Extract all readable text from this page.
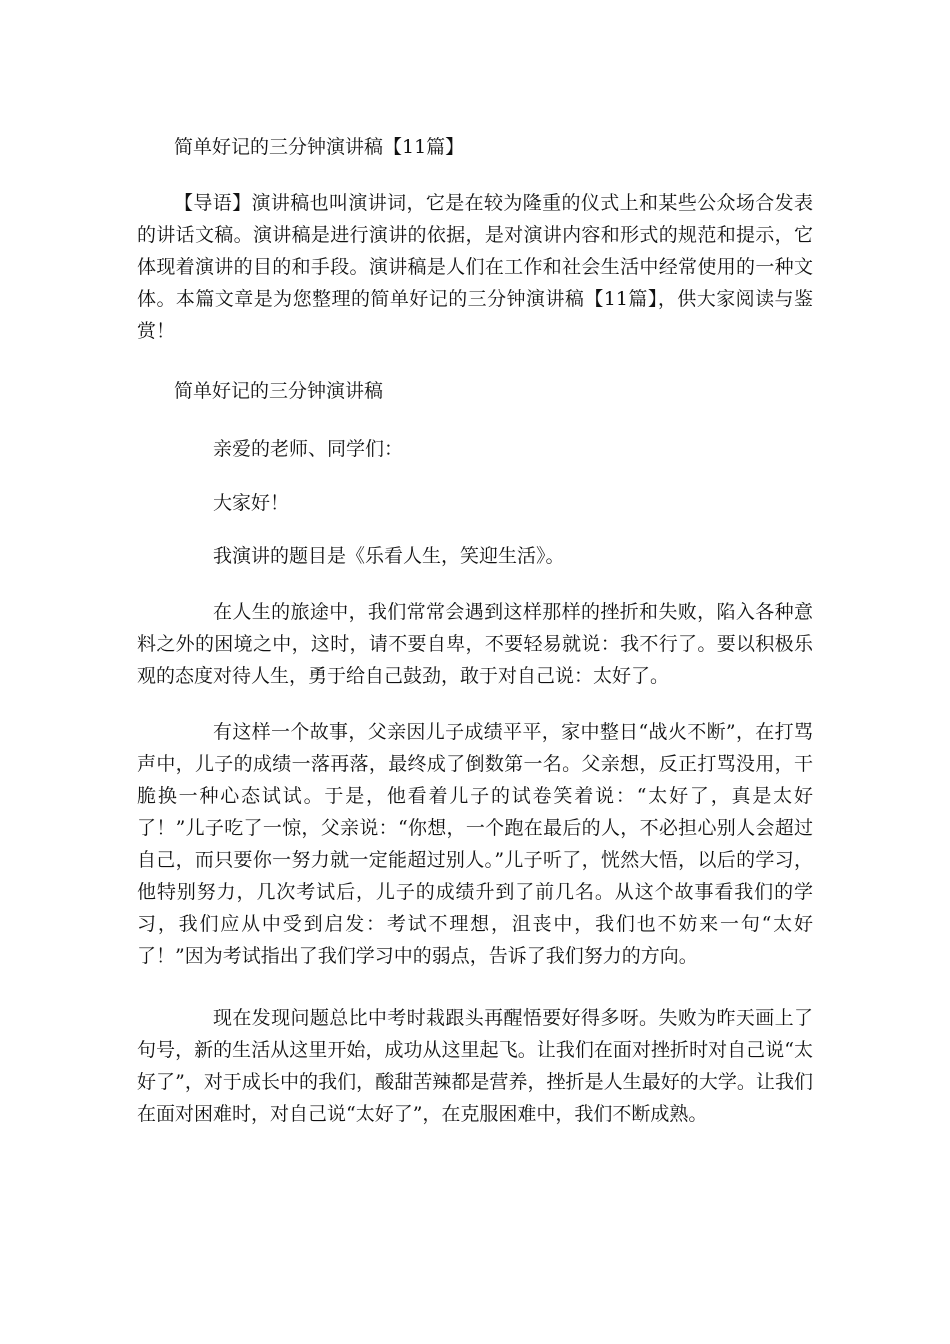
简单好记的三分钟演讲稿【11篇】

【导语】演讲稿也叫演讲词，它是在较为隆重的仪式上和某些公众场合发表的讲话文稿。演讲稿是进行演讲的依据，是对演讲内容和形式的规范和提示，它体现着演讲的目的和手段。演讲稿是人们在工作和社会生活中经常使用的一种文体。本篇文章是为您整理的简单好记的三分钟演讲稿【11篇】，供大家阅读与鉴赏！

简单好记的三分钟演讲稿
亲爱的老师、同学们：
大家好！
我演讲的题目是《乐看人生，笑迎生活》。

在人生的旅途中，我们常常会遇到这样那样的挫折和失败，陷入各种意料之外的困境之中，这时，请不要自卑，不要轻易就说：我不行了。要以积极乐观的态度对待人生，勇于给自己鼓劲，敢于对自己说：太好了。

有这样一个故事，父亲因儿子成绩平平，家中整日“战火不断”，在打骂声中，儿子的成绩一落再落，最终成了倒数第一名。父亲想，反正打骂没用，干脆换一种心态试试。于是，他看着儿子的试卷笑着说：“太好了，真是太好了！”儿子吃了一惊，父亲说：“你想，一个跑在最后的人，不必担心别人会超过自己，而只要你一努力就一定能超过别人。”儿子听了，恍然大悟，以后的学习，他特别努力，几次考试后，儿子的成绩升到了前几名。从这个故事看我们的学习，我们应从中受到启发：考试不理想，沮丧中，我们也不妨来一句“太好了！”因为考试指出了我们学习中的弱点，告诉了我们努力的方向。

现在发现问题总比中考时栽跟头再醒悟要好得多呀。失败为昨天画上了句号，新的生活从这里开始，成功从这里起飞。让我们在面对挫折时对自己说“太好了”，对于成长中的我们，酸甜苦辣都是营养，挫折是人生最好的大学。让我们在面对困难时，对自己说“太好了”，在克服困难中，我们不断成熟。
